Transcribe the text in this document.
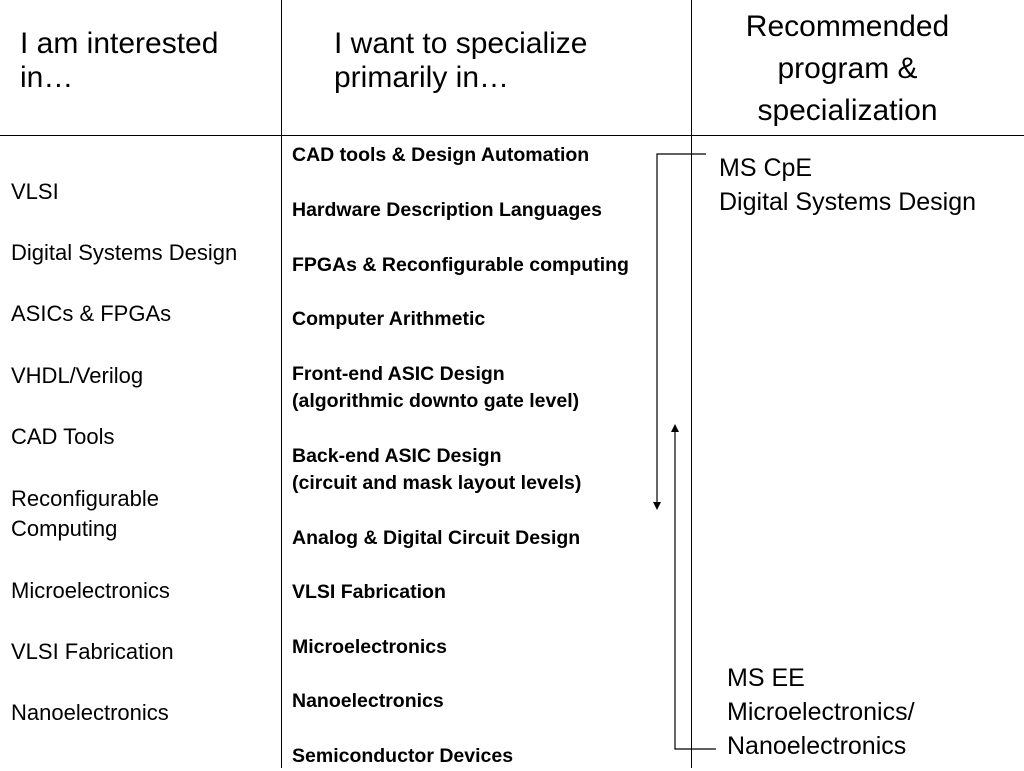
I am interested in…
I want to specialize primarily in…
Recommended program & specialization
VLSI
Digital Systems Design
ASICs & FPGAs
VHDL/Verilog
CAD Tools
Reconfigurable
Computing
Microelectronics
VLSI Fabrication
Nanoelectronics
CAD tools & Design Automation
Hardware Description Languages
FPGAs & Reconfigurable computing
Computer Arithmetic
Front-end ASIC Design
(algorithmic downto gate level)
Back-end ASIC Design
(circuit and mask layout levels)
Analog & Digital Circuit Design
VLSI Fabrication
Microelectronics
Nanoelectronics
Semiconductor Devices
MS CpE
Digital Systems Design
MS EE
Microelectronics/
Nanoelectronics
